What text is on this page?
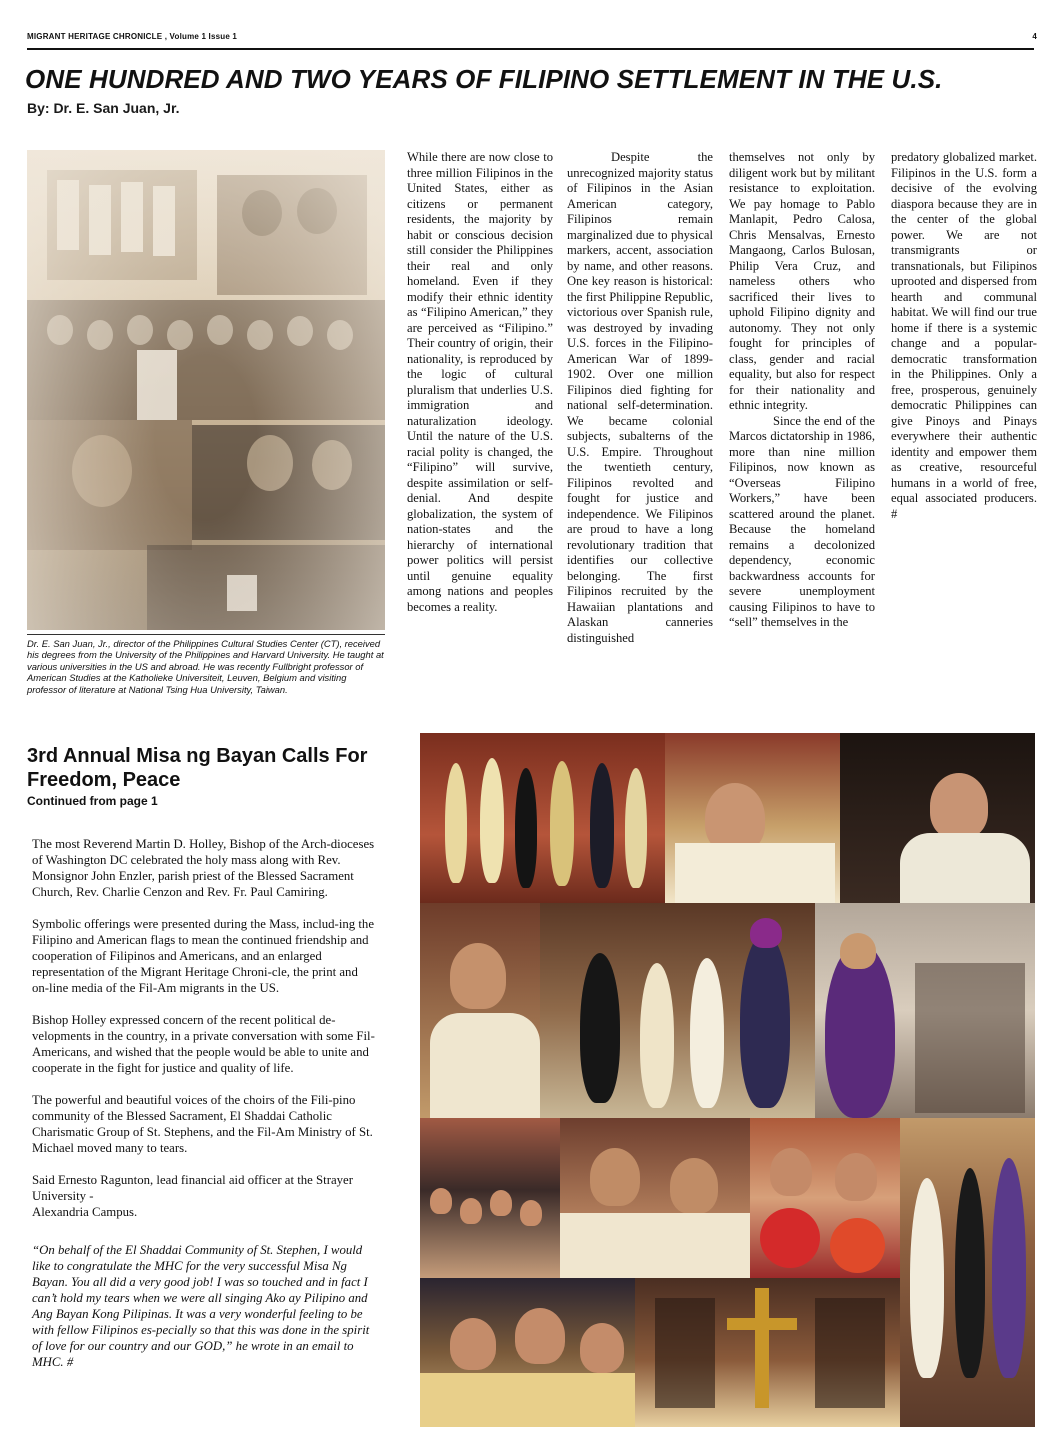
MIGRANT HERITAGE CHRONICLE , Volume 1 Issue 1	4
ONE HUNDRED AND TWO YEARS OF FILIPINO SETTLEMENT IN THE U.S.
By: Dr. E. San Juan, Jr.
Dr. E. San Juan, Jr., director of the Philippines Cultural Studies Center (CT), received his degrees from the University of the Philippines and Harvard University. He taught at various universities in the US and abroad. He was recently Fullbright professor of American Studies at the Katholieke Universiteit, Leuven, Belgium and visiting professor of literature at National Tsing Hua University, Taiwan.

While there are now close to three million Filipinos in the United States, either as citizens or permanent residents, the majority by habit or conscious decision still consider the Philippines their real and only homeland. Even if they modify their ethnic identity as “Filipino American,” they are perceived as “Filipino.” Their country of origin, their nationality, is reproduced by the logic of cultural pluralism that underlies U.S. immigration and naturalization ideology. Until the nature of the U.S. racial polity is changed, the “Filipino” will survive, despite assimilation or self-denial. And despite globalization, the system of nation-states and the hierarchy of international power politics will persist until genuine equality among nations and peoples becomes a reality.

Despite the unrecognized majority status of Filipinos in the Asian American category, Filipinos remain marginalized due to physical markers, accent, association by name, and other reasons. One key reason is historical: the first Philippine Republic, victorious over Spanish rule, was destroyed by invading U.S. forces in the Filipino-American War of 1899-1902. Over one million Filipinos died fighting for national self-determination. We became colonial subjects, subalterns of the U.S. Empire. Throughout the twentieth century, Filipinos revolted and fought for justice and independence. We Filipinos are proud to have a long revolutionary tradition that identifies our collective belonging. The first Filipinos recruited by the Hawaiian plantations and Alaskan canneries distinguished

themselves not only by diligent work but by militant resistance to exploitation. We pay homage to Pablo Manlapit, Pedro Calosa, Chris Mensalvas, Ernesto Mangaong, Carlos Bulosan, Philip Vera Cruz, and nameless others who sacrificed their lives to uphold Filipino dignity and autonomy. They not only fought for principles of class, gender and racial equality, but also for respect for their nationality and ethnic integrity.

Since the end of the Marcos dictatorship in 1986, more than nine million Filipinos, now known as “Overseas Filipino Workers,” have been scattered around the planet. Because the homeland remains a decolonized dependency, economic backwardness accounts for severe unemployment causing Filipinos to have to “sell” themselves in the

predatory globalized market. Filipinos in the U.S. form a decisive of the evolving diaspora because they are in the center of the global power. We are not transmigrants or transnationals, but Filipinos uprooted and dispersed from hearth and communal habitat. We will find our true home if there is a systemic change and a popular-democratic transformation in the Philippines. Only a free, prosperous, genuinely democratic Philippines can give Pinoys and Pinays everywhere their authentic identity and empower them as creative, resourceful humans in a world of free, equal associated producers. #

3rd Annual Misa ng Bayan Calls For Freedom, Peace
Continued from page 1

The most Reverend Martin D. Holley, Bishop of the Arch-dioceses of Washington DC celebrated the holy mass along with Rev. Monsignor John Enzler, parish priest of the Blessed Sacrament Church, Rev. Charlie Cenzon and Rev. Fr. Paul Camiring.

Symbolic offerings were presented during the Mass, includ-ing the Filipino and American flags to mean the continued friendship and cooperation of Filipinos and Americans, and an enlarged representation of the Migrant Heritage Chroni-cle, the print and on-line media of the Fil-Am migrants in the US.

Bishop Holley expressed concern of the recent political de-velopments in the country, in a private conversation with some Fil-Americans, and wished that the people would be able to unite and cooperate in the fight for justice and quality of life.

The powerful and beautiful voices of the choirs of the Fili-pino community of the Blessed Sacrament, El Shaddai Catholic Charismatic Group of St. Stephens, and the Fil-Am Ministry of St. Michael moved many to tears.

Said Ernesto Ragunton, lead financial aid officer at the Strayer University -
Alexandria Campus.

“On behalf of the El Shaddai Community of St. Stephen, I would like to congratulate the MHC for the very successful Misa Ng Bayan. You all did a very good job! I was so touched and in fact I can’t hold my tears when we were all singing Ako ay Pilipino and Ang Bayan Kong Pilipinas. It was a very wonderful feeling to be with fellow Filipinos es-pecially so that this was done in the spirit of love for our country and our GOD,” he wrote in an email to MHC. #
